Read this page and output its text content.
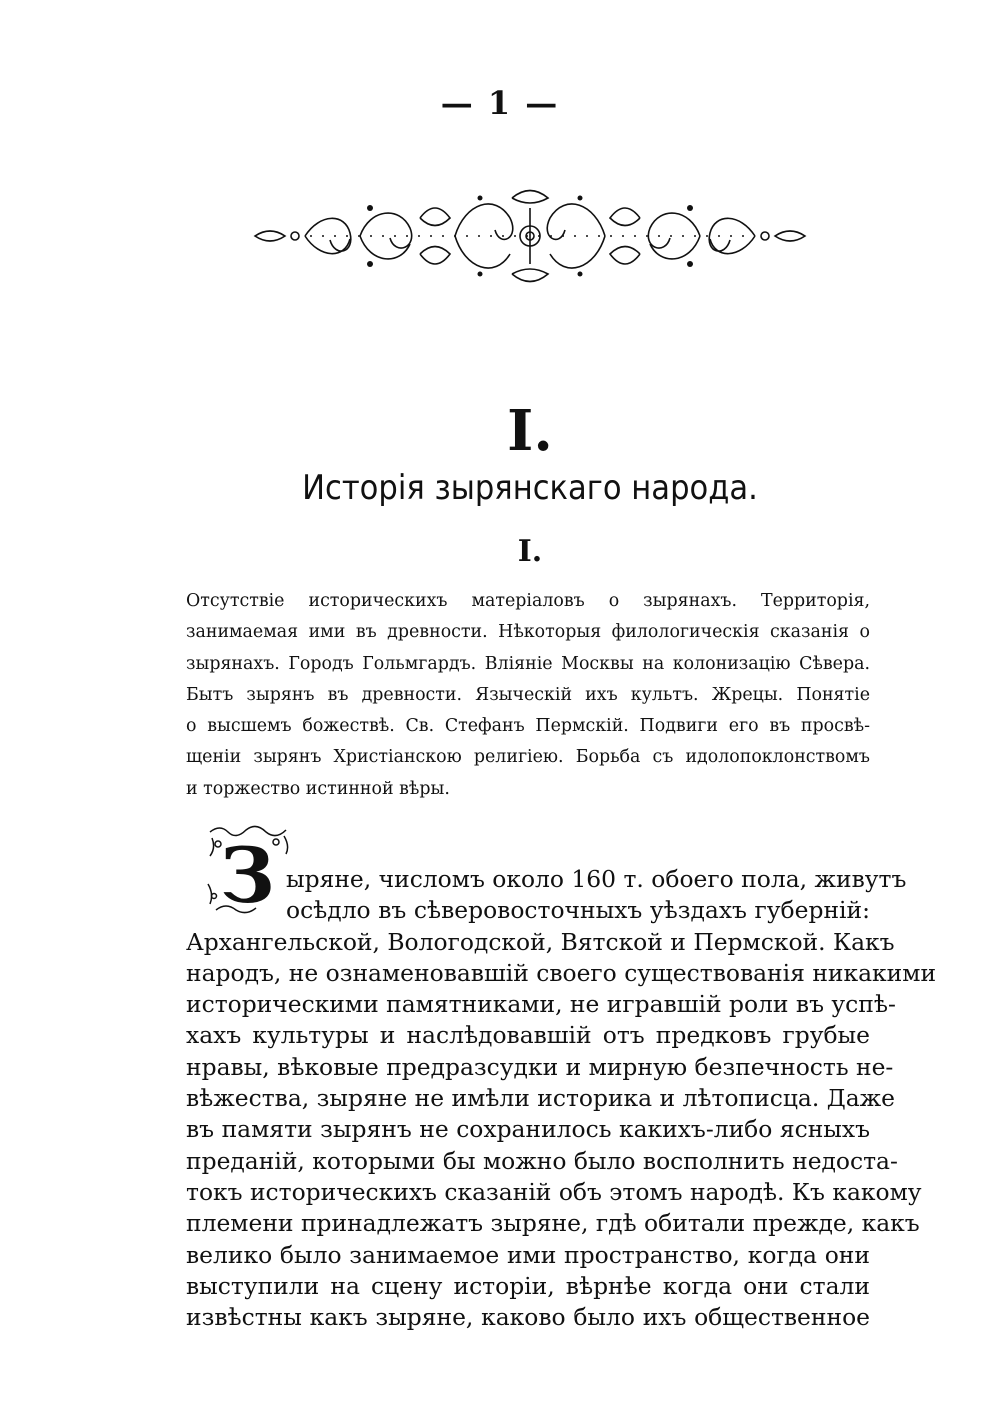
— 1 —
I.
Исторія зырянскаго народа.
I.
Отсутствіе историческихъ матеріаловъ о зырянахъ. Территорія,
занимаемая ими въ древности. Нѣкоторыя филологическія сказанія о
зырянахъ. Городъ Гольмгардъ. Вліяніе Москвы на колонизацію Сѣвера.
Бытъ зырянъ въ древности. Языческій ихъ культъ. Жрецы. Понятіе
о высшемъ божествѣ. Св. Стефанъ Пермскій. Подвиги его въ просвѣ-
щеніи зырянъ Христіанскою религіею. Борьба съ идолопоклонствомъ
и торжество истинной вѣры.
З ыряне, числомъ около 160 т. обоего пола, живутъ
осѣдло въ сѣверовосточныхъ уѣздахъ губерній:
Архангельской, Вологодской, Вятской и Пермской. Какъ
народъ, не ознаменовавшій своего существованія никакими
историческими памятниками, не игравшій роли въ успѣ-
хахъ культуры и наслѣдовавшій отъ предковъ грубые
нравы, вѣковые предразсудки и мирную безпечность не-
вѣжества, зыряне не имѣли историка и лѣтописца. Даже
въ памяти зырянъ не сохранилось какихъ-либо ясныхъ
преданій, которыми бы можно было восполнить недоста-
токъ историческихъ сказаній объ этомъ народѣ. Къ какому
племени принадлежатъ зыряне, гдѣ обитали прежде, какъ
велико было занимаемое ими пространство, когда они
выступили на сцену исторіи, вѣрнѣе когда они стали
извѣстны какъ зыряне, каково было ихъ общественное
